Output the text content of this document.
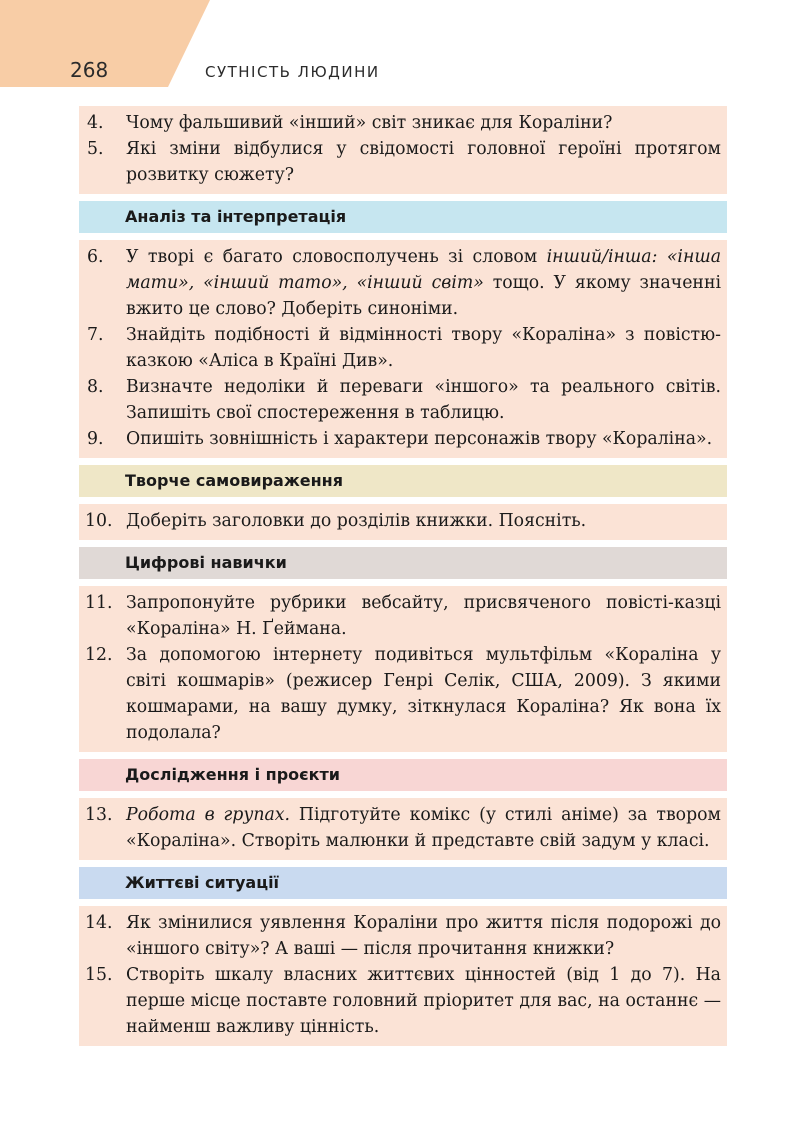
268	СУТНІСТЬ ЛЮДИНИ
4. Чому фальшивий «інший» світ зникає для Кораліни?
5. Які зміни відбулися у свідомості головної героїні протягом розвитку сюжету?
Аналіз та інтерпретація
6. У творі є багато словосполучень зі словом інший/інша: «інша мати», «інший тато», «інший світ» тощо. У якому значенні вжито це слово? Доберіть синоніми.
7. Знайдіть подібності й відмінності твору «Кораліна» з повістю-казкою «Аліса в Країні Див».
8. Визначте недоліки й переваги «іншого» та реального світів. Запишіть свої спостереження в таблицю.
9. Опишіть зовнішність і характери персонажів твору «Кораліна».
Творче самовираження
10. Доберіть заголовки до розділів книжки. Поясніть.
Цифрові навички
11. Запропонуйте рубрики вебсайту, присвяченого повісті-казці «Кораліна» Н. Ґеймана.
12. За допомогою інтернету подивіться мультфільм «Кораліна у світі кошмарів» (режисер Генрі Селік, США, 2009). З якими кошмарами, на вашу думку, зіткнулася Кораліна? Як вона їх подолала?
Дослідження і проєкти
13. Робота в групах. Підготуйте комікс (у стилі аніме) за твором «Кораліна». Створіть малюнки й представте свій задум у класі.
Життєві ситуації
14. Як змінилися уявлення Кораліни про життя після подорожі до «іншого світу»? А ваші — після прочитання книжки?
15. Створіть шкалу власних життєвих цінностей (від 1 до 7). На перше місце поставте головний пріоритет для вас, на останнє — найменш важливу цінність.
